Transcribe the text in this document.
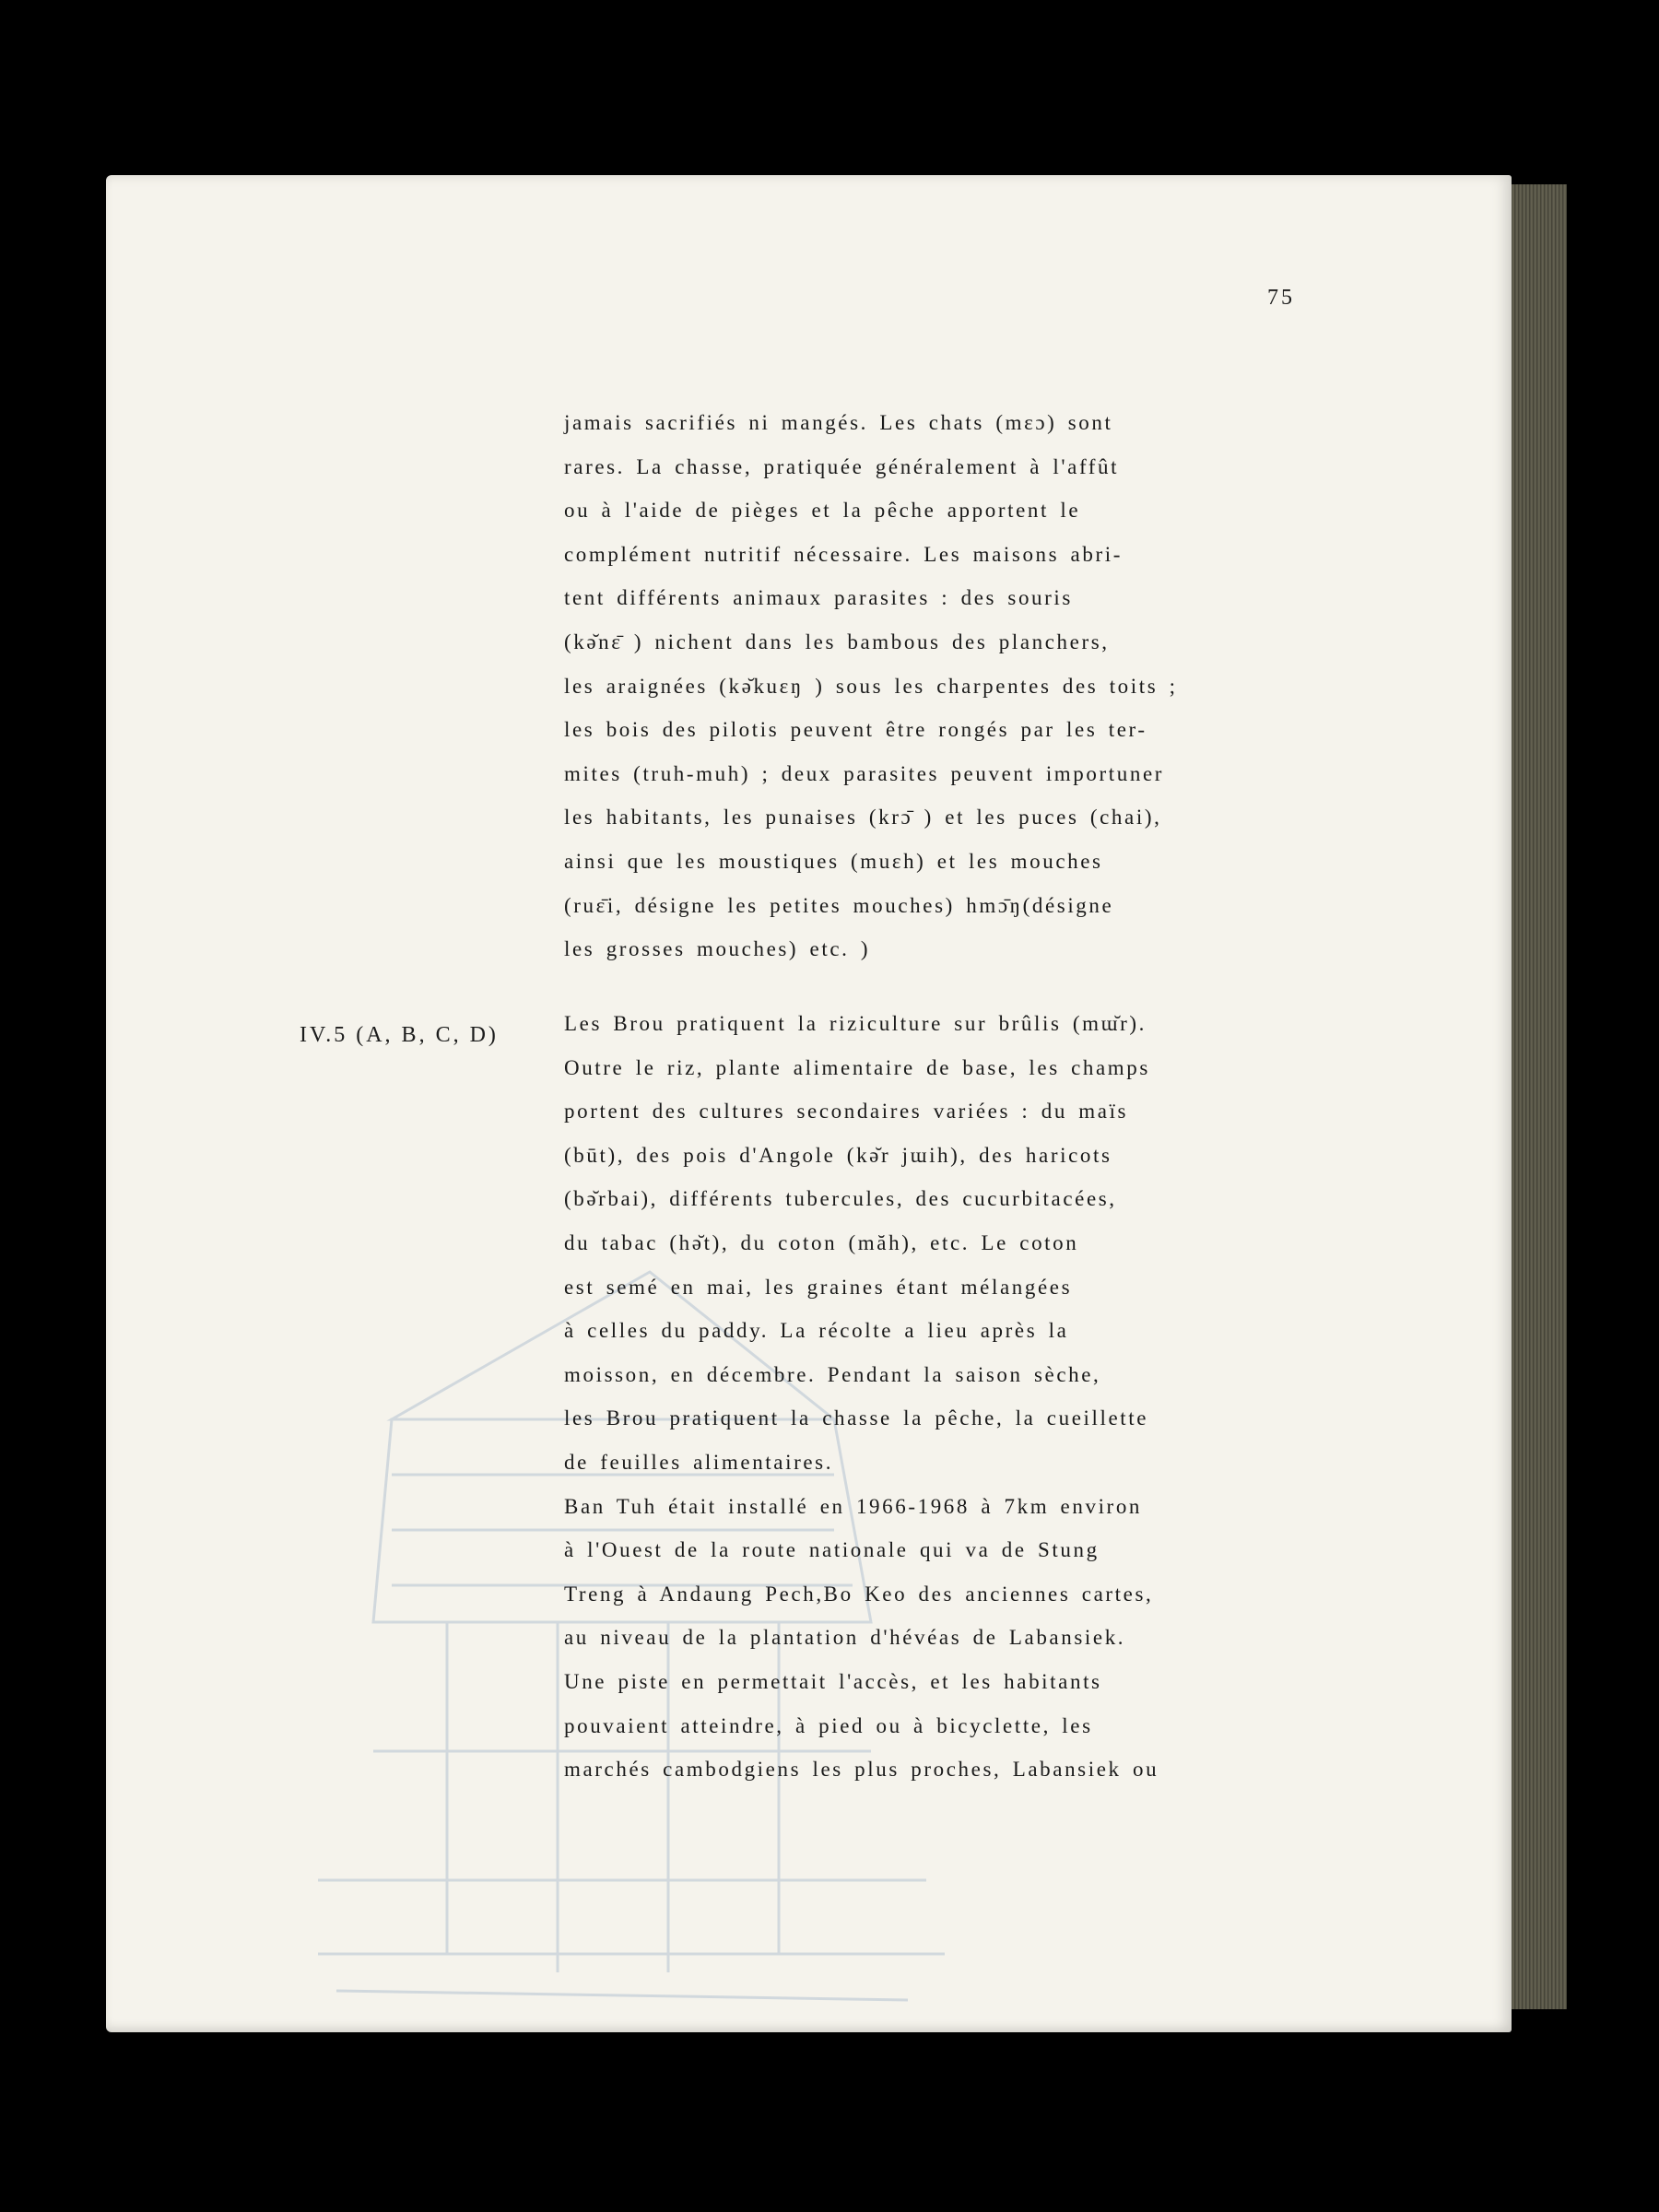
75
jamais sacrifiés ni mangés. Les chats (mɛɔ) sont
rares. La chasse, pratiquée généralement à l'affût
ou à l'aide de pièges et la pêche apportent le
complément nutritif nécessaire. Les maisons abri-
tent différents animaux parasites : des souris
(kə̆nɛ̄ ) nichent dans les bambous des planchers,
les araignées (kə̆kuɛŋ ) sous les charpentes des toits ;
les bois des pilotis peuvent être rongés par les ter-
mites (truh-muh) ; deux parasites peuvent importuner
les habitants, les punaises (krɔ̄ ) et les puces (chai),
ainsi que les moustiques (muɛh) et les mouches
(ruɛ̄i, désigne les petites mouches) hmɔ̄ŋ(désigne
les grosses mouches) etc. )
IV.5 (A, B, C, D)	Les Brou pratiquent la riziculture sur brûlis (mɯ̆r).
Outre le riz, plante alimentaire de base, les champs
portent des cultures secondaires variées : du maïs
(būt), des pois d'Angole (kə̆r jɯih), des haricots
(bə̆rbai), différents tubercules, des cucurbitacées,
du tabac (hə̆t), du coton (măh), etc. Le coton
est semé en mai, les graines étant mélangées
à celles du paddy. La récolte a lieu après la
moisson, en décembre. Pendant la saison sèche,
les Brou pratiquent la chasse la pêche, la cueillette
de feuilles alimentaires.
Ban Tuh était installé en 1966-1968 à 7km environ
à l'Ouest de la route nationale qui va de Stung
Treng à Andaung Pech,Bo Keo des anciennes cartes,
au niveau de la plantation d'hévéas de Labansiek.
Une piste en permettait l'accès, et les habitants
pouvaient atteindre, à pied ou à bicyclette, les
marchés cambodgiens les plus proches, Labansiek ou
